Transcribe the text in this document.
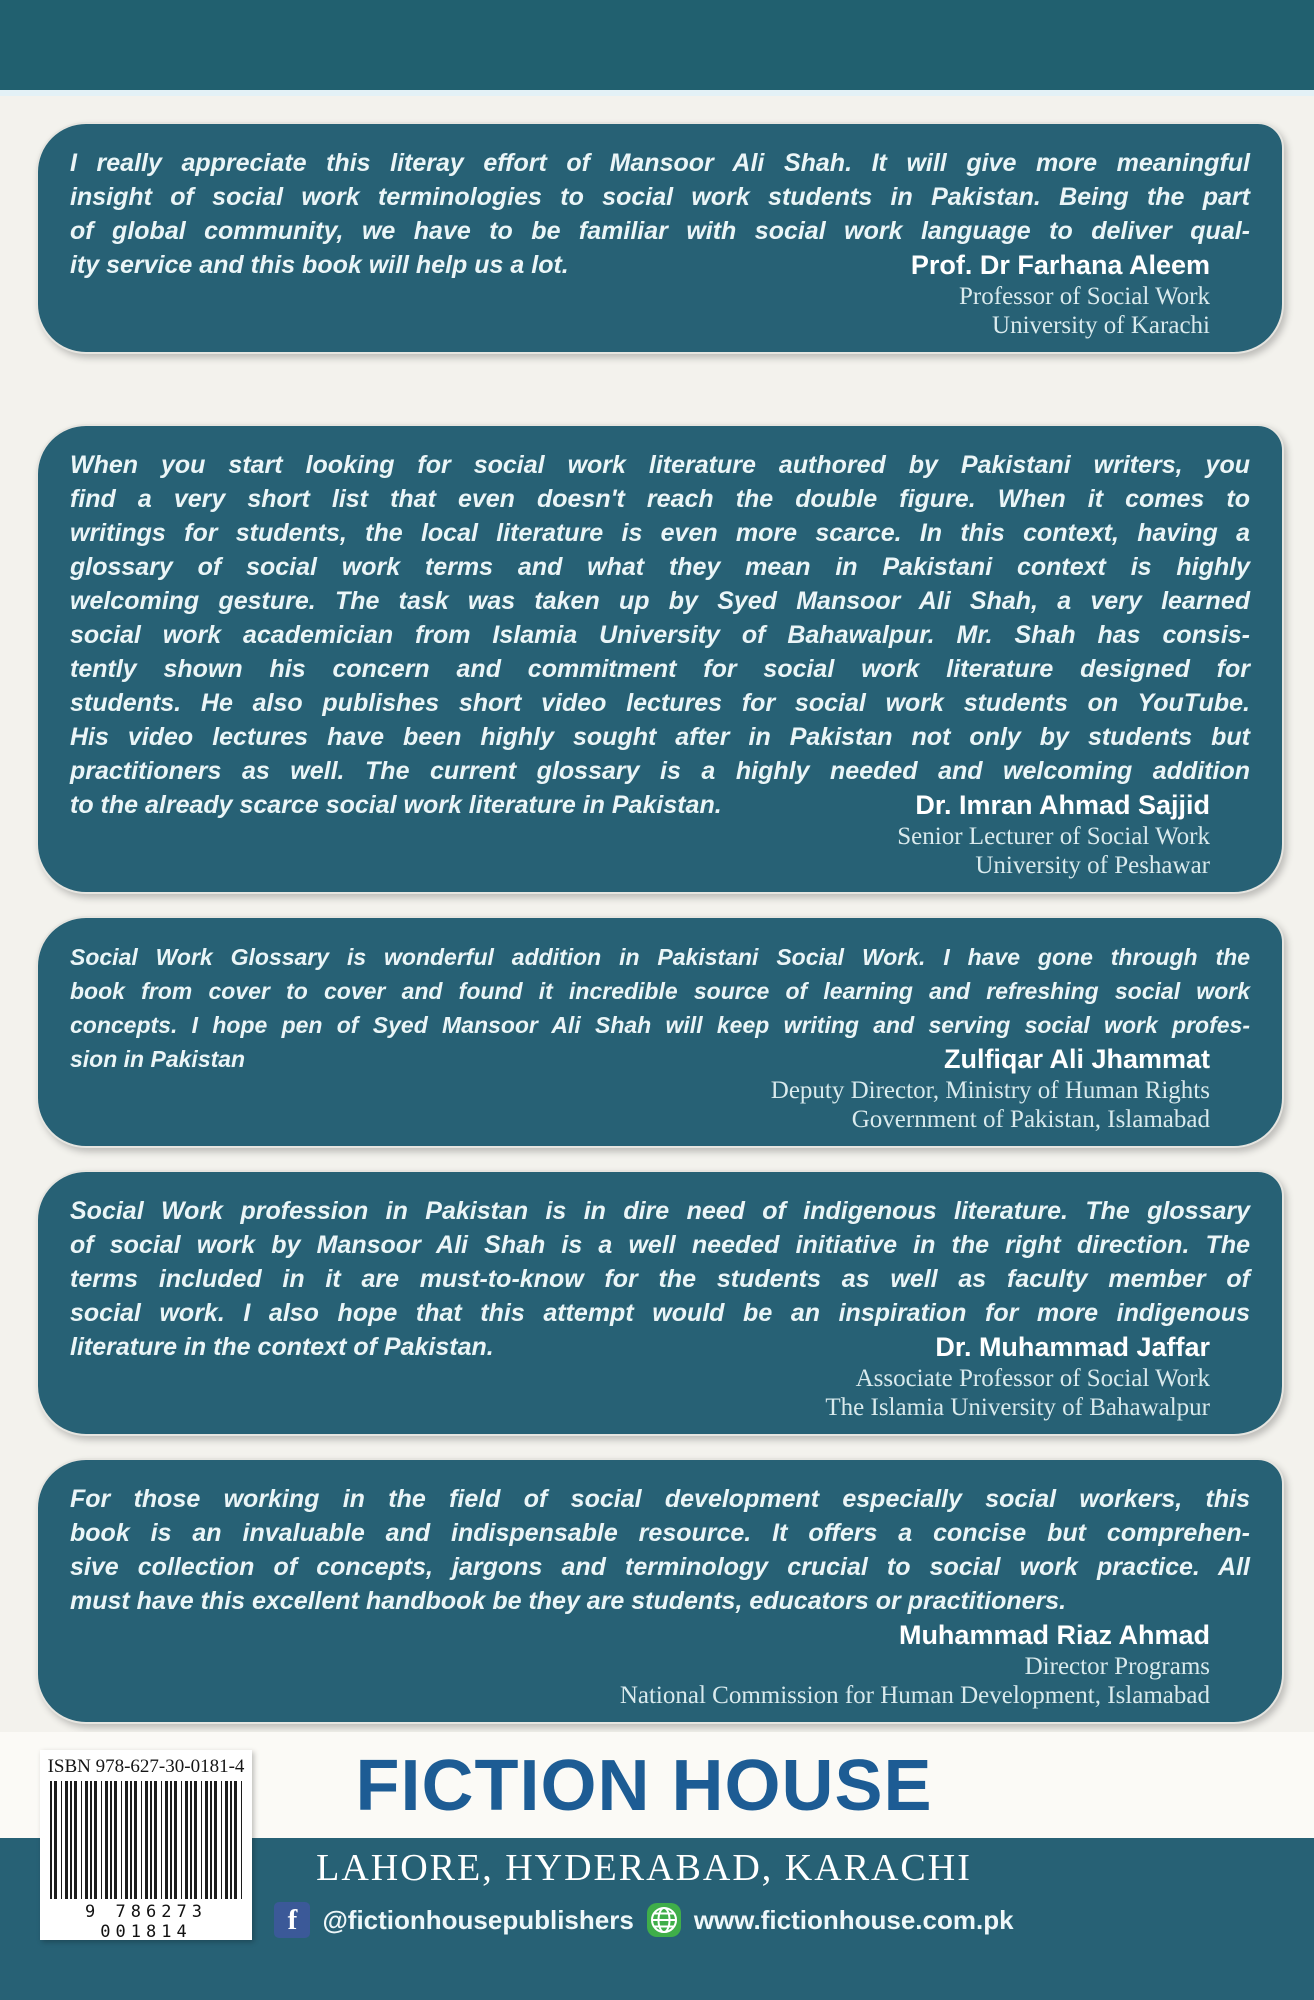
I really appreciate this literay effort of Mansoor Ali Shah. It will give more meaningful
insight of social work terminologies to social work students in Pakistan. Being the part
of global community, we have to be familiar with social work language to deliver qual-
ity service and this book will help us a lot.	Prof. Dr Farhana Aleem
Professor of Social Work
University of Karachi
When you start looking for social work literature authored by Pakistani writers, you
find a very short list that even doesn't reach the double figure. When it comes to
writings for students, the local literature is even more scarce. In this context, having a
glossary of social work terms and what they mean in Pakistani context is highly
welcoming gesture. The task was taken up by Syed Mansoor Ali Shah, a very learned
social work academician from Islamia University of Bahawalpur. Mr. Shah has consis-
tently shown his concern and commitment for social work literature designed for
students. He also publishes short video lectures for social work students on YouTube.
His video lectures have been highly sought after in Pakistan not only by students but
practitioners as well. The current glossary is a highly needed and welcoming addition
to the already scarce social work literature in Pakistan.	Dr. Imran Ahmad Sajjid
Senior Lecturer of Social Work
University of Peshawar
Social Work Glossary is wonderful addition in Pakistani Social Work. I have gone through the
book from cover to cover and found it incredible source of learning and refreshing social work
concepts. I hope pen of Syed Mansoor Ali Shah will keep writing and serving social work profes-
sion in Pakistan	Zulfiqar Ali Jhammat
Deputy Director, Ministry of Human Rights
Government of Pakistan, Islamabad
Social Work profession in Pakistan is in dire need of indigenous literature. The glossary
of social work by Mansoor Ali Shah is a well needed initiative in the right direction. The
terms included in it are must-to-know for the students as well as faculty member of
social work. I also hope that this attempt would be an inspiration for more indigenous
literature in the context of Pakistan.	Dr. Muhammad Jaffar
Associate Professor of Social Work
The Islamia University of Bahawalpur
For those working in the field of social development especially social workers, this
book is an invaluable and indispensable resource. It offers a concise but comprehen-
sive collection of concepts, jargons and terminology crucial to social work practice. All
must have this excellent handbook be they are students, educators or practitioners.
Muhammad Riaz Ahmad
Director Programs
National Commission for Human Development, Islamabad
FICTION HOUSE
LAHORE, HYDERABAD, KARACHI
f @fictionhousepublishers www.fictionhouse.com.pk
ISBN 978-627-30-0181-4
9 786273 001814
